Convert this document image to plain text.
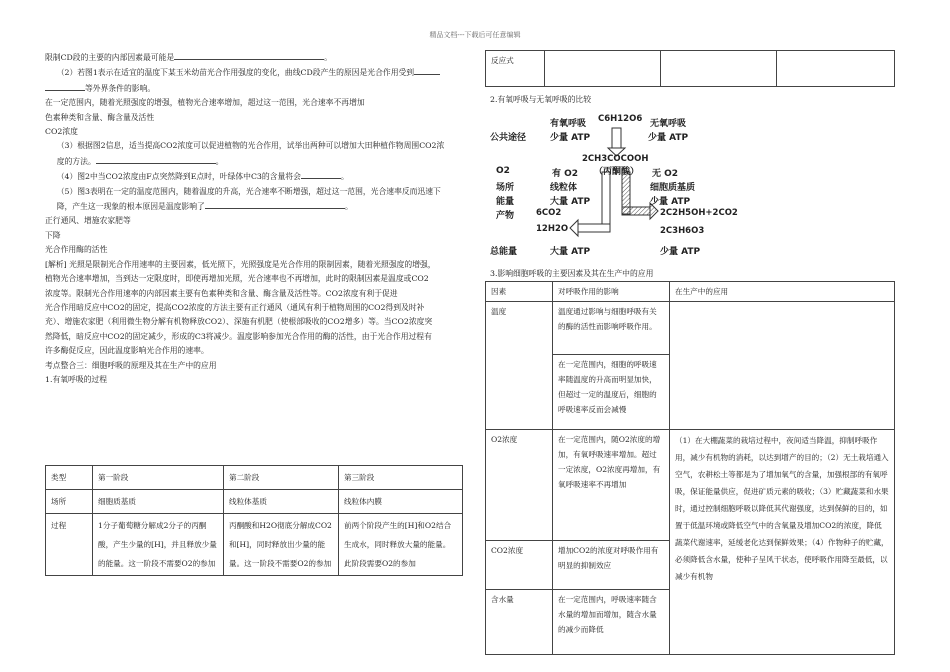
精品文档---下载后可任意编辑

限制CD段的主要的内部因素最可能是	。

（2）若图1表示在适宜的温度下某玉米幼苗光合作用强度的变化，曲线CD段产生的原因是光合作用受到

等外界条件的影响。

在一定范围内，随着光照强度的增强，植物光合速率增加，超过这一范围，光合速率不再增加

色素种类和含量、酶含量及活性

CO2浓度

（3）根据图2信息，适当提高CO2浓度可以促进植物的光合作用，试举出两种可以增加大田种植作物周围CO2浓

度的方法。	。

（4）图2中当CO2浓度由F点突然降到E点时，叶绿体中C3的含量将会	。

（5）图3表明在一定的温度范围内，随着温度的升高，光合速率不断增强，超过这一范围，光合速率反而迅速下

降，产生这一现象的根本原因是温度影响了	。

正行通风、增施农家肥等

下降

光合作用酶的活性

[解析] 光照是限制光合作用速率的主要因素，低光照下，光照强度是光合作用的限制因素，随着光照强度的增强，

植物光合速率增加，当到达一定限度时，即使再增加光照，光合速率也不再增加，此时的限制因素是温度或CO2

浓度等。限制光合作用速率的内部因素主要有色素种类和含量、酶含量及活性等。CO2浓度有利于促进

光合作用暗反应中CO2的固定，提高CO2浓度的方法主要有正行通风（通风有利于植物周围的CO2得到及时补

充）、增施农家肥（利用微生物分解有机物释放CO2）、深施有机肥（使根部吸收的CO2增多）等。当CO2浓度突

然降低，暗反应中CO2的固定减少，形成的C3将减少。温度影响参加光合作用的酶的活性，由于光合作用过程有

许多酶促反应，因此温度影响光合作用的速率。

考点整合三：细胞呼吸的原理及其在生产中的应用

1.有氧呼吸的过程

类型	第一阶段	第二阶段	第三阶段
场所	细胞质基质	线粒体基质	线粒体内膜
过程	1分子葡萄糖分解成2分子的丙酮酸，产生少量的[H]，并且释放少量的能量。这一阶段不需要O2的参加	丙酮酸和H2O彻底分解成CO2和[H]，同时释放出少量的能量。这一阶段不需要O2的参加	前两个阶段产生的[H]和O2结合生成水，同时释放大量的能量。此阶段需要O2的参加
反应式			
2.有氧呼吸与无氧呼吸的比较
C6H12O6
有氧呼吸	无氧呼吸
公共途径	少量 ATP	少量 ATP
2CH3COCOOH
（丙酮酸）
O2	有 O2	无 O2
场所	线粒体	细胞质基质
能量	大量 ATP	少量 ATP
产物	6CO2	2C2H5OH+2CO2
12H2O	2C3H6O3
总能量	大量 ATP	少量 ATP
3.影响细胞呼吸的主要因素及其在生产中的应用
因素	对呼吸作用的影响	在生产中的应用
温度	温度通过影响与细胞呼吸有关的酶的活性而影响呼吸作用。	
	在一定范围内，细胞的呼吸速率随温度的升高而明显加快，但超过一定的温度后，细胞的呼吸速率反而会减慢	
O2浓度	在一定范围内，随O2浓度的增加，有氧呼吸速率增加。超过一定浓度，O2浓度再增加，有氧呼吸速率不再增加	（1）在大棚蔬菜的栽培过程中，夜间适当降温，抑制呼吸作用，减少有机物的消耗，以达到增产的目的；（2）无土栽培通入空气，农耕松土等都是为了增加氧气的含量，加强根部的有氧呼吸，保证能量供应，促进矿质元素的吸收；（3）贮藏蔬菜和水果时，通过控制细胞呼吸以降低其代谢强度，达到保鲜的目的，如置于低温环境或降低空气中的含氧量及增加CO2的浓度，降低蔬菜代谢速率，延缓老化达到保鲜效果；（4）作物种子的贮藏，必须降低含水量，使种子呈风干状态，使呼吸作用降至最低，以减少有机物
CO2浓度	增加CO2的浓度对呼吸作用有明显的抑制效应	
含水量	在一定范围内，呼吸速率随含水量的增加而增加，随含水量的减少而降低	
